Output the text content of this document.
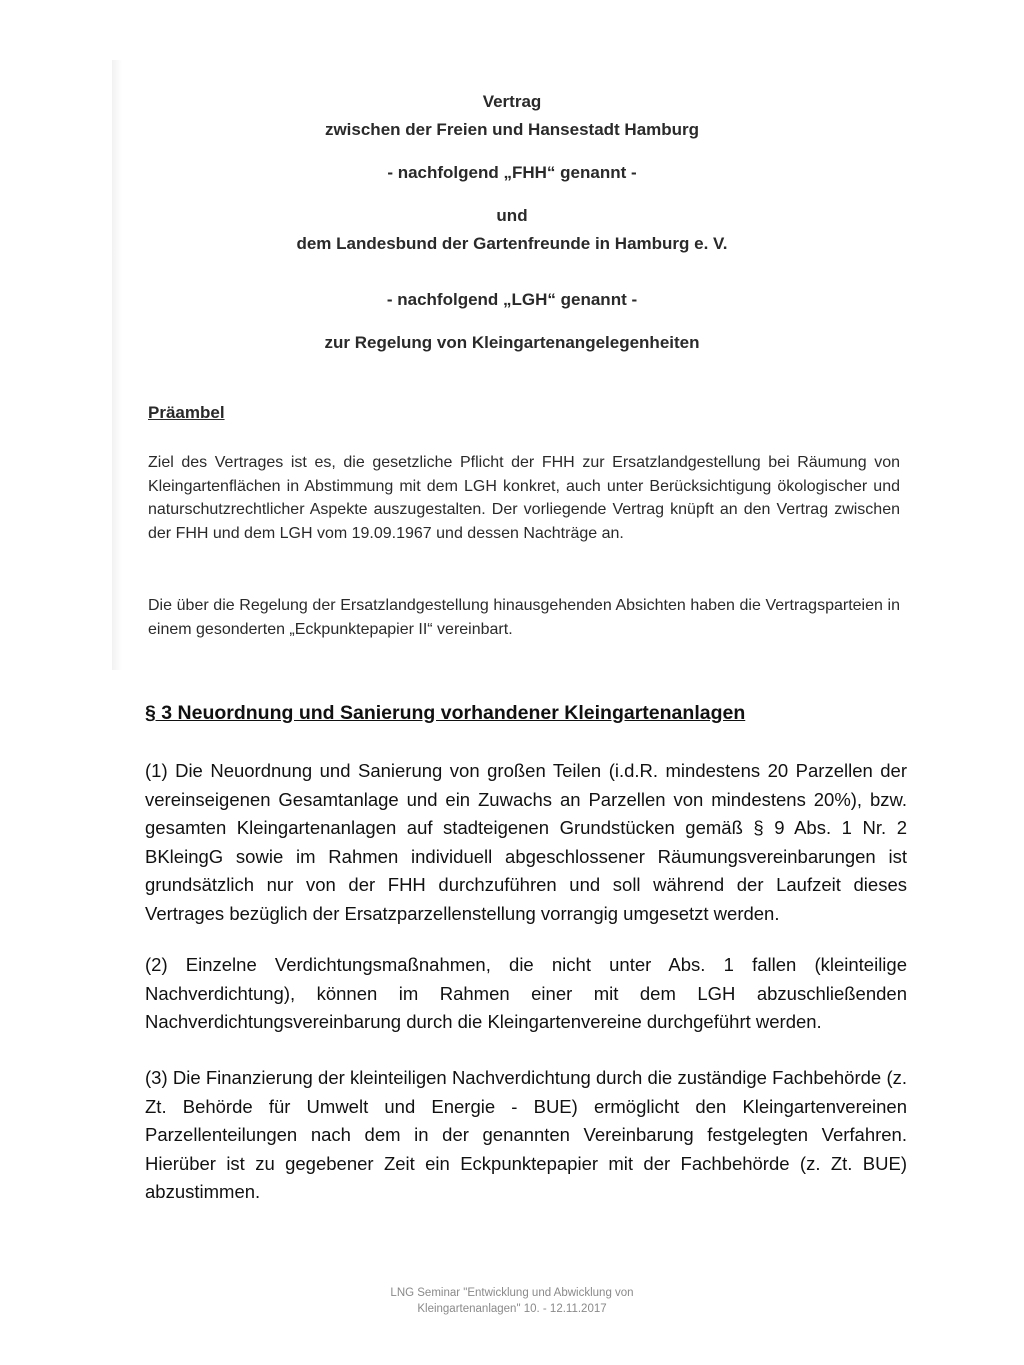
Vertrag
zwischen der Freien und Hansestadt Hamburg
- nachfolgend „FHH“ genannt -
und
dem Landesbund der Gartenfreunde in Hamburg e. V.
- nachfolgend „LGH“ genannt -
zur Regelung von Kleingartenangelegenheiten
Präambel
Ziel des Vertrages ist es, die gesetzliche Pflicht der FHH zur Ersatzlandgestellung bei Räumung von Kleingartenflächen in Abstimmung mit dem LGH konkret, auch unter Berücksichtigung ökologischer und naturschutzrechtlicher Aspekte auszugestalten. Der vorliegende Vertrag knüpft an den Vertrag zwischen der FHH und dem LGH vom 19.09.1967 und dessen Nachträge an.
Die über die Regelung der Ersatzlandgestellung hinausgehenden Absichten haben die Vertragsparteien in einem gesonderten „Eckpunktepapier II“ vereinbart.
§ 3 Neuordnung und Sanierung vorhandener Kleingartenanlagen
(1) Die Neuordnung und Sanierung von großen Teilen (i.d.R. mindestens 20 Parzellen der vereinseigenen Gesamtanlage und ein Zuwachs an Parzellen von mindestens 20%), bzw. gesamten Kleingartenanlagen auf stadteigenen Grundstücken gemäß § 9 Abs. 1 Nr. 2 BKleingG sowie im Rahmen individuell abgeschlossener Räumungsvereinbarungen ist grundsätzlich nur von der FHH durchzuführen und soll während der Laufzeit dieses Vertrages bezüglich der Ersatzparzellenstellung vorrangig umgesetzt werden.
(2) Einzelne Verdichtungsmaßnahmen, die nicht unter Abs. 1 fallen (kleinteilige Nachverdichtung), können im Rahmen einer mit dem LGH abzuschließenden Nachverdichtungsvereinbarung durch die Kleingartenvereine durchgeführt werden.
(3) Die Finanzierung der kleinteiligen Nachverdichtung durch die zuständige Fachbehörde (z. Zt. Behörde für Umwelt und Energie - BUE) ermöglicht den Kleingartenvereinen Parzellenteilungen nach dem in der genannten Vereinbarung festgelegten Verfahren. Hierüber ist zu gegebener Zeit ein Eckpunktepapier mit der Fachbehörde (z. Zt. BUE) abzustimmen.
LNG Seminar "Entwicklung und Abwicklung von
Kleingartenanlagen" 10. - 12.11.2017
